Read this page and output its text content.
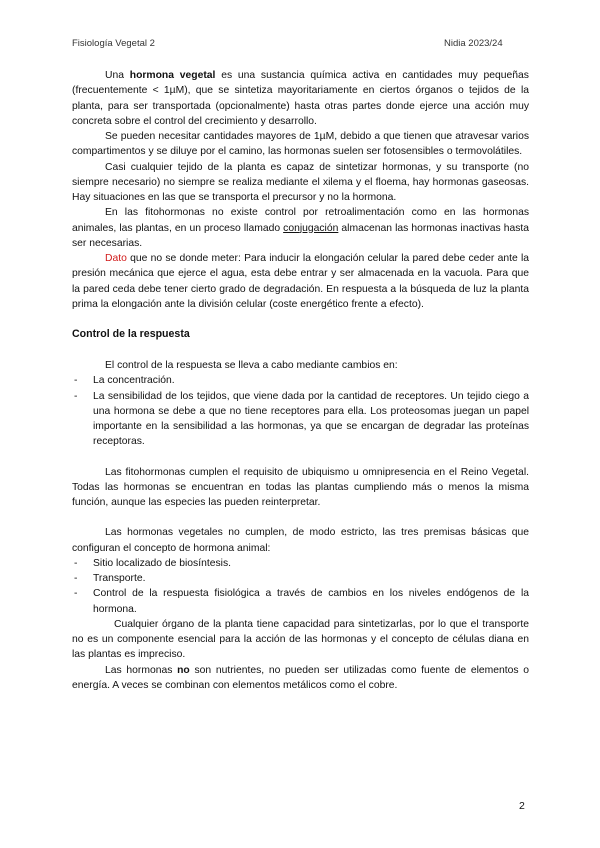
Fisiología Vegetal 2	Nidia 2023/24

Una hormona vegetal es una sustancia química activa en cantidades muy pequeñas (frecuentemente < 1µM), que se sintetiza mayoritariamente en ciertos órganos o tejidos de la planta, para ser transportada (opcionalmente) hasta otras partes donde ejerce una acción muy concreta sobre el control del crecimiento y desarrollo.

Se pueden necesitar cantidades mayores de 1µM, debido a que tienen que atravesar varios compartimentos y se diluye por el camino, las hormonas suelen ser fotosensibles o termovolátiles.

Casi cualquier tejido de la planta es capaz de sintetizar hormonas, y su transporte (no siempre necesario) no siempre se realiza mediante el xilema y el floema, hay hormonas gaseosas. Hay situaciones en las que se transporta el precursor y no la hormona.

En las fitohormonas no existe control por retroalimentación como en las hormonas animales, las plantas, en un proceso llamado conjugación almacenan las hormonas inactivas hasta ser necesarias.

Dato que no se donde meter: Para inducir la elongación celular la pared debe ceder ante la presión mecánica que ejerce el agua, esta debe entrar y ser almacenada en la vacuola. Para que la pared ceda debe tener cierto grado de degradación. En respuesta a la búsqueda de luz la planta prima la elongación ante la división celular (coste energético frente a efecto).

Control de la respuesta

El control de la respuesta se lleva a cabo mediante cambios en:

- La concentración.
- La sensibilidad de los tejidos, que viene dada por la cantidad de receptores. Un tejido ciego a una hormona se debe a que no tiene receptores para ella. Los proteosomas juegan un papel importante en la sensibilidad a las hormonas, ya que se encargan de degradar las proteínas receptoras.

Las fitohormonas cumplen el requisito de ubiquismo u omnipresencia en el Reino Vegetal. Todas las hormonas se encuentran en todas las plantas cumpliendo más o menos la misma función, aunque las especies las pueden reinterpretar.

Las hormonas vegetales no cumplen, de modo estricto, las tres premisas básicas que configuran el concepto de hormona animal:

- Sitio localizado de biosíntesis.
- Transporte.
- Control de la respuesta fisiológica a través de cambios en los niveles endógenos de la hormona.

Cualquier órgano de la planta tiene capacidad para sintetizarlas, por lo que el transporte no es un componente esencial para la acción de las hormonas y el concepto de células diana en las plantas es impreciso.

Las hormonas no son nutrientes, no pueden ser utilizadas como fuente de elementos o energía. A veces se combinan con elementos metálicos como el cobre.

2
